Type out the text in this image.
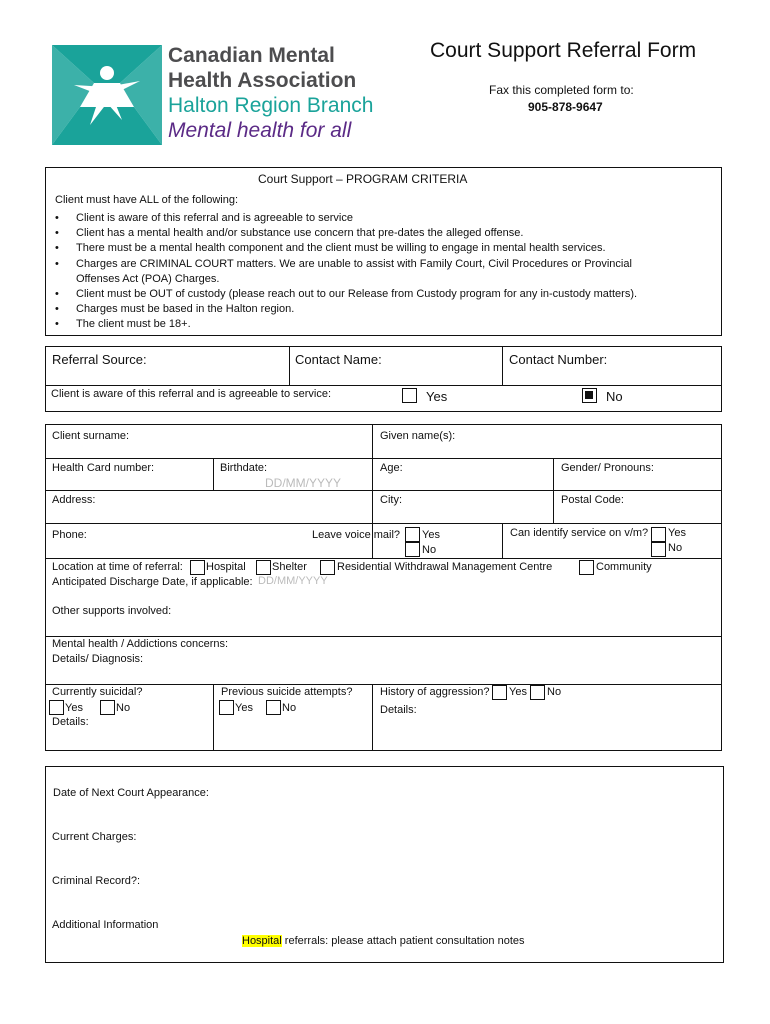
Canadian Mental
Health Association
Halton Region Branch
Mental health for all
Court Support Referral Form
Fax this completed form to:
905-878-9647
Court Support – PROGRAM CRITERIA
Client must have ALL of the following:
• Client is aware of this referral and is agreeable to service
• Client has a mental health and/or substance use concern that pre-dates the alleged offense.
• There must be a mental health component and the client must be willing to engage in mental health services.
• Charges are CRIMINAL COURT matters. We are unable to assist with Family Court, Civil Procedures or Provincial
Offenses Act (POA) Charges.
• Client must be OUT of custody (please reach out to our Release from Custody program for any in-custody matters).
• Charges must be based in the Halton region.
• The client must be 18+.
Referral Source:	Contact Name:	Contact Number:
Client is aware of this referral and is agreeable to service:	Yes	No
Client surname:	Given name(s):
Health Card number:	Birthdate:
DD/MM/YYYY
Age:	Gender/ Pronouns:
Address:	City:	Postal Code:
Phone:	Leave voice mail? Yes
No
Can identify service on v/m? Yes
No
Location at time of referral: Hospital Shelter	Residential Withdrawal Management Centre	Community
Anticipated Discharge Date, if applicable: DD/MM/YYYY
Other supports involved:
Mental health / Addictions concerns:
Details/ Diagnosis:
Currently suicidal?
Yes	No
Details:
Previous suicide attempts?
Yes	No
History of aggression? Yes No
Details:
Date of Next Court Appearance:
Current Charges:
Criminal Record?:
Additional Information
Hospital referrals: please attach patient consultation notes
